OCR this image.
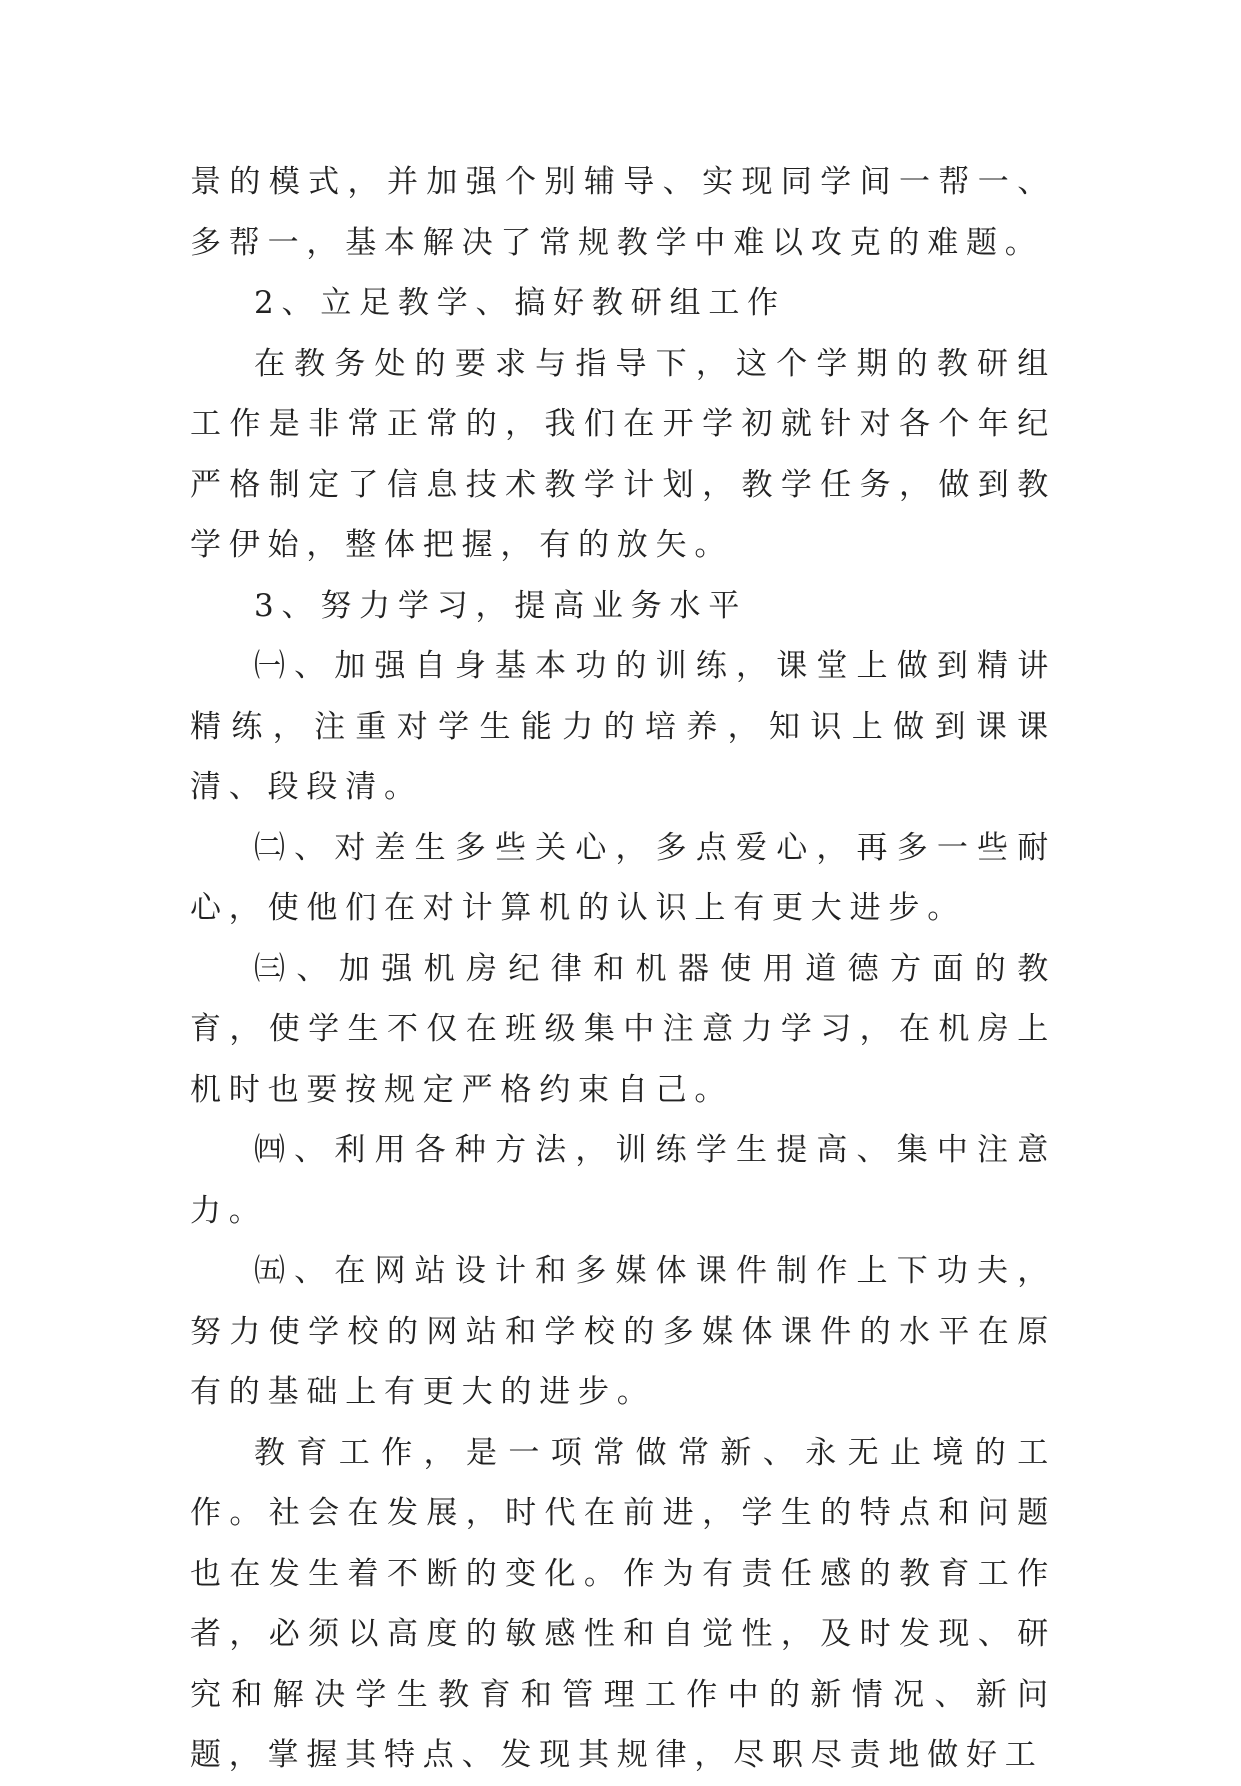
景的模式，并加强个别辅导、实现同学间一帮一、多帮一，基本解决了常规教学中难以攻克的难题。

2、立足教学、搞好教研组工作

在教务处的要求与指导下，这个学期的教研组工作是非常正常的，我们在开学初就针对各个年纪严格制定了信息技术教学计划，教学任务，做到教学伊始，整体把握，有的放矢。

3、努力学习，提高业务水平

㈠、加强自身基本功的训练，课堂上做到精讲精练，注重对学生能力的培养，知识上做到课课清、段段清。

㈡、对差生多些关心，多点爱心，再多一些耐心，使他们在对计算机的认识上有更大进步。

㈢、加强机房纪律和机器使用道德方面的教育，使学生不仅在班级集中注意力学习，在机房上机时也要按规定严格约束自己。

㈣、利用各种方法，训练学生提高、集中注意力。

㈤、在网站设计和多媒体课件制作上下功夫，努力使学校的网站和学校的多媒体课件的水平在原有的基础上有更大的进步。

教育工作，是一项常做常新、永无止境的工作。社会在发展，时代在前进，学生的特点和问题也在发生着不断的变化。作为有责任感的教育工作者，必须以高度的敏感性和自觉性，及时发现、研究和解决学生教育和管理工作中的新情况、新问题，掌握其特点、发现其规律，尽职尽责地做好工
